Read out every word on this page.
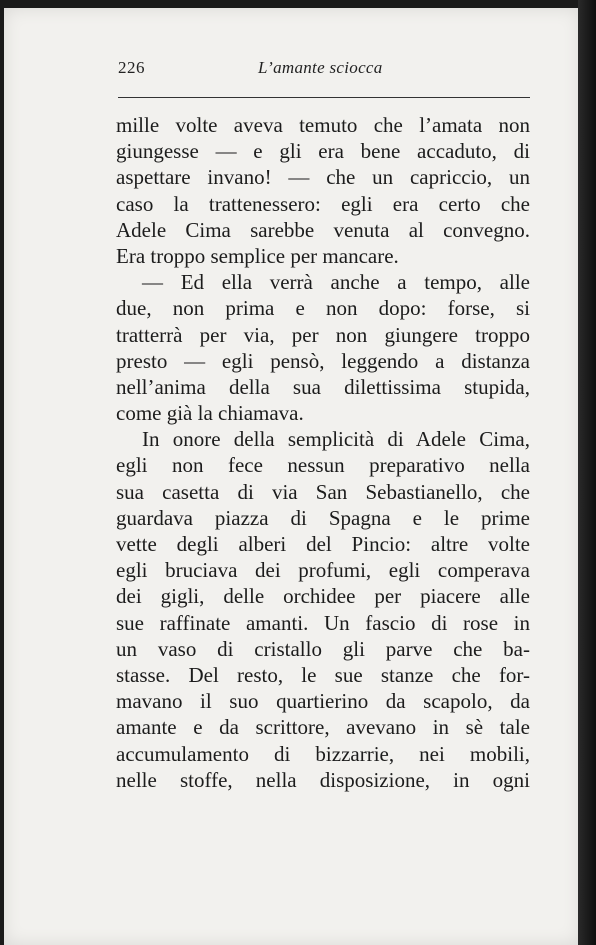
226	L’amante sciocca
mille volte aveva temuto che l’amata non
giungesse — e gli era bene accaduto, di
aspettare invano! — che un capriccio, un
caso la trattenessero: egli era certo che
Adele Cima sarebbe venuta al convegno.
Era troppo semplice per mancare.
— Ed ella verrà anche a tempo, alle
due, non prima e non dopo: forse, si
tratterrà per via, per non giungere troppo
presto — egli pensò, leggendo a distanza
nell’anima della sua dilettissima stupida,
come già la chiamava.
In onore della semplicità di Adele Cima,
egli non fece nessun preparativo nella
sua casetta di via San Sebastianello, che
guardava piazza di Spagna e le prime
vette degli alberi del Pincio: altre volte
egli bruciava dei profumi, egli comperava
dei gigli, delle orchidee per piacere alle
sue raffinate amanti. Un fascio di rose in
un vaso di cristallo gli parve che ba-
stasse. Del resto, le sue stanze che for-
mavano il suo quartierino da scapolo, da
amante e da scrittore, avevano in sè tale
accumulamento di bizzarrie, nei mobili,
nelle stoffe, nella disposizione, in ogni
